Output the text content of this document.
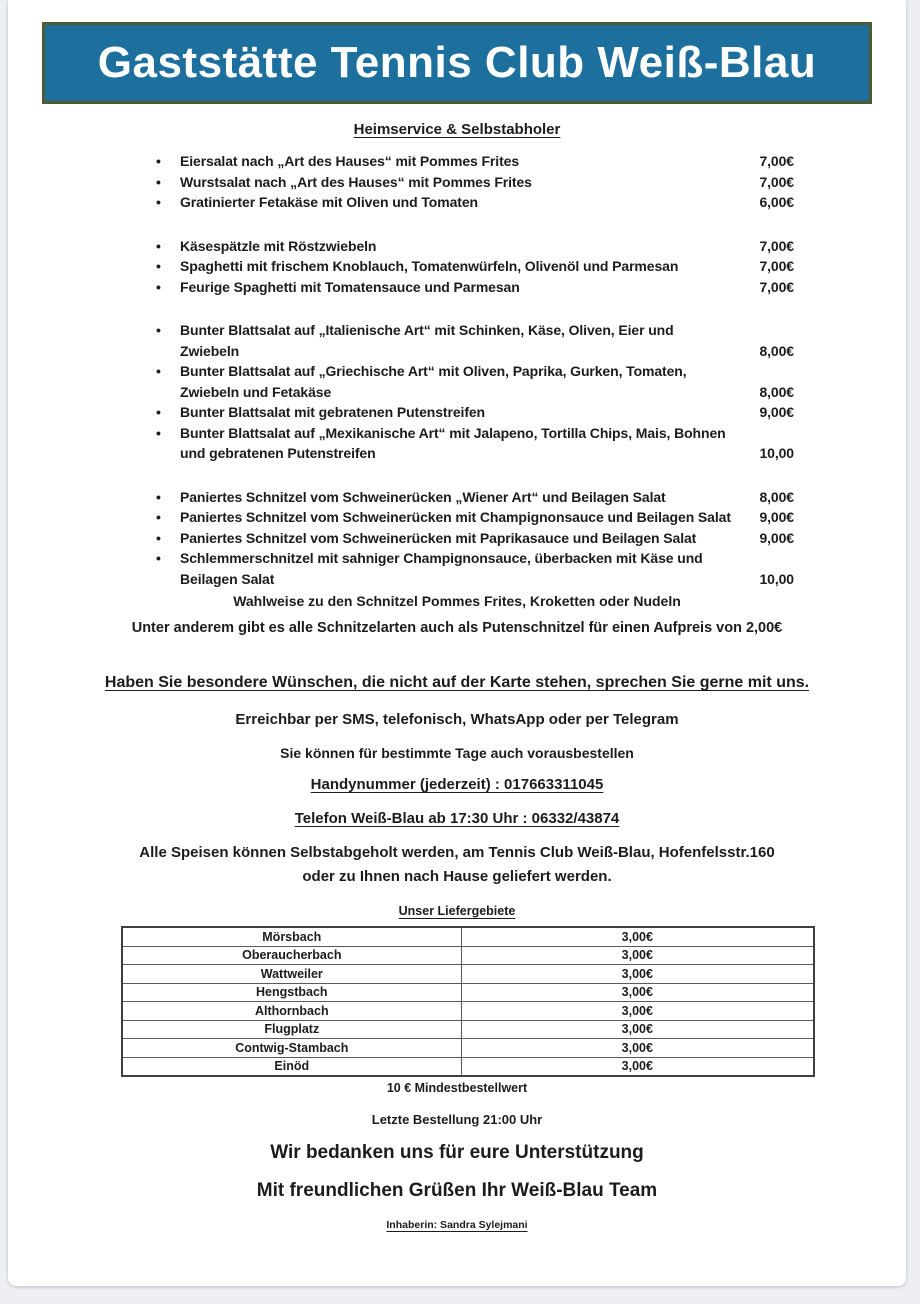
Gaststätte Tennis Club Weiß-Blau
Heimservice & Selbstabholer
•	Eiersalat nach „Art des Hauses“ mit Pommes Frites	7,00€
•	Wurstsalat nach „Art des Hauses“ mit Pommes Frites	7,00€
•	Gratinierter Fetakäse mit Oliven und Tomaten	6,00€
•	Käsespätzle mit Röstzwiebeln	7,00€
•	Spaghetti mit frischem Knoblauch, Tomatenwürfeln, Olivenöl und Parmesan	7,00€
•	Feurige Spaghetti mit Tomatensauce und Parmesan	7,00€
•	Bunter Blattsalat auf „Italienische Art“ mit Schinken, Käse, Oliven, Eier und Zwiebeln	8,00€
•	Bunter Blattsalat auf „Griechische Art“ mit Oliven, Paprika, Gurken, Tomaten, Zwiebeln und Fetakäse	8,00€
•	Bunter Blattsalat mit gebratenen Putenstreifen	9,00€
•	Bunter Blattsalat auf „Mexikanische Art“ mit Jalapeno, Tortilla Chips, Mais, Bohnen und gebratenen Putenstreifen	10,00
•	Paniertes Schnitzel vom Schweinerücken „Wiener Art“ und Beilagen Salat	8,00€
•	Paniertes Schnitzel vom Schweinerücken mit Champignonsauce und Beilagen Salat	9,00€
•	Paniertes Schnitzel vom Schweinerücken mit Paprikasauce und Beilagen Salat	9,00€
•	Schlemmerschnitzel mit sahniger Champignonsauce, überbacken mit Käse und Beilagen Salat	10,00
Wahlweise zu den Schnitzel Pommes Frites, Kroketten oder Nudeln
Unter anderem gibt es alle Schnitzelarten auch als Putenschnitzel für einen Aufpreis von 2,00€
Haben Sie besondere Wünschen, die nicht auf der Karte stehen, sprechen Sie gerne mit uns.
Erreichbar per SMS, telefonisch, WhatsApp oder per Telegram
Sie können für bestimmte Tage auch vorausbestellen
Handynummer (jederzeit) : 017663311045
Telefon Weiß-Blau ab 17:30 Uhr : 06332/43874
Alle Speisen können Selbstabgeholt werden, am Tennis Club Weiß-Blau, Hofenfelsstr.160
oder zu Ihnen nach Hause geliefert werden.
Unser Liefergebiete
Mörsbach	3,00€
Oberaucherbach	3,00€
Wattweiler	3,00€
Hengstbach	3,00€
Althornbach	3,00€
Flugplatz	3,00€
Contwig-Stambach	3,00€
Einöd	3,00€
10 € Mindestbestellwert
Letzte Bestellung 21:00 Uhr
Wir bedanken uns für eure Unterstützung
Mit freundlichen Grüßen Ihr Weiß-Blau Team
Inhaberin: Sandra Sylejmani
